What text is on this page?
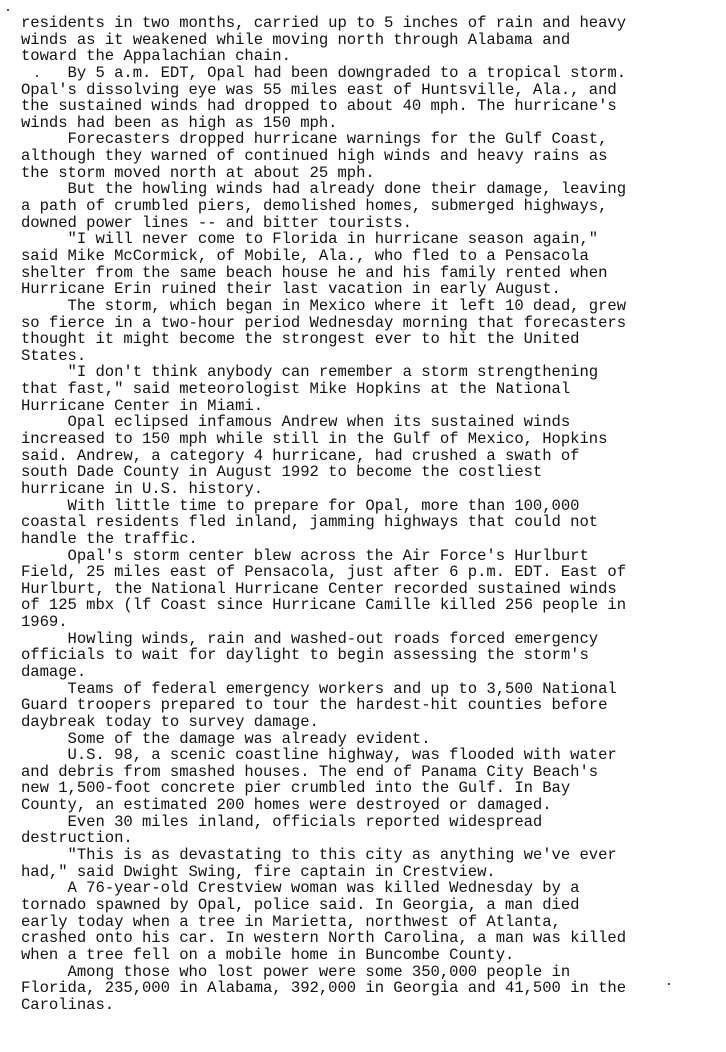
residents in two months, carried up to 5 inches of rain and heavy
winds as it weakened while moving north through Alabama and
toward the Appalachian chain.
By 5 a.m. EDT, Opal had been downgraded to a tropical storm.
Opal's dissolving eye was 55 miles east of Huntsville, Ala., and
the sustained winds had dropped to about 40 mph. The hurricane's
winds had been as high as 150 mph.
Forecasters dropped hurricane warnings for the Gulf Coast,
although they warned of continued high winds and heavy rains as
the storm moved north at about 25 mph.
But the howling winds had already done their damage, leaving
a path of crumbled piers, demolished homes, submerged highways,
downed power lines -- and bitter tourists.
"I will never come to Florida in hurricane season again,"
said Mike McCormick, of Mobile, Ala., who fled to a Pensacola
shelter from the same beach house he and his family rented when
Hurricane Erin ruined their last vacation in early August.
The storm, which began in Mexico where it left 10 dead, grew
so fierce in a two-hour period Wednesday morning that forecasters
thought it might become the strongest ever to hit the United
States.
"I don't think anybody can remember a storm strengthening
that fast," said meteorologist Mike Hopkins at the National
Hurricane Center in Miami.
Opal eclipsed infamous Andrew when its sustained winds
increased to 150 mph while still in the Gulf of Mexico, Hopkins
said. Andrew, a category 4 hurricane, had crushed a swath of
south Dade County in August 1992 to become the costliest
hurricane in U.S. history.
With little time to prepare for Opal, more than 100,000
coastal residents fled inland, jamming highways that could not
handle the traffic.
Opal's storm center blew across the Air Force's Hurlburt
Field, 25 miles east of Pensacola, just after 6 p.m. EDT. East of
Hurlburt, the National Hurricane Center recorded sustained winds
of 125 mbx (lf Coast since Hurricane Camille killed 256 people in
1969.
Howling winds, rain and washed-out roads forced emergency
officials to wait for daylight to begin assessing the storm's
damage.
Teams of federal emergency workers and up to 3,500 National
Guard troopers prepared to tour the hardest-hit counties before
daybreak today to survey damage.
Some of the damage was already evident.
U.S. 98, a scenic coastline highway, was flooded with water
and debris from smashed houses. The end of Panama City Beach's
new 1,500-foot concrete pier crumbled into the Gulf. In Bay
County, an estimated 200 homes were destroyed or damaged.
Even 30 miles inland, officials reported widespread
destruction.
"This is as devastating to this city as anything we've ever
had," said Dwight Swing, fire captain in Crestview.
A 76-year-old Crestview woman was killed Wednesday by a
tornado spawned by Opal, police said. In Georgia, a man died
early today when a tree in Marietta, northwest of Atlanta,
crashed onto his car. In western North Carolina, a man was killed
when a tree fell on a mobile home in Buncombe County.
Among those who lost power were some 350,000 people in
Florida, 235,000 in Alabama, 392,000 in Georgia and 41,500 in the
Carolinas.
